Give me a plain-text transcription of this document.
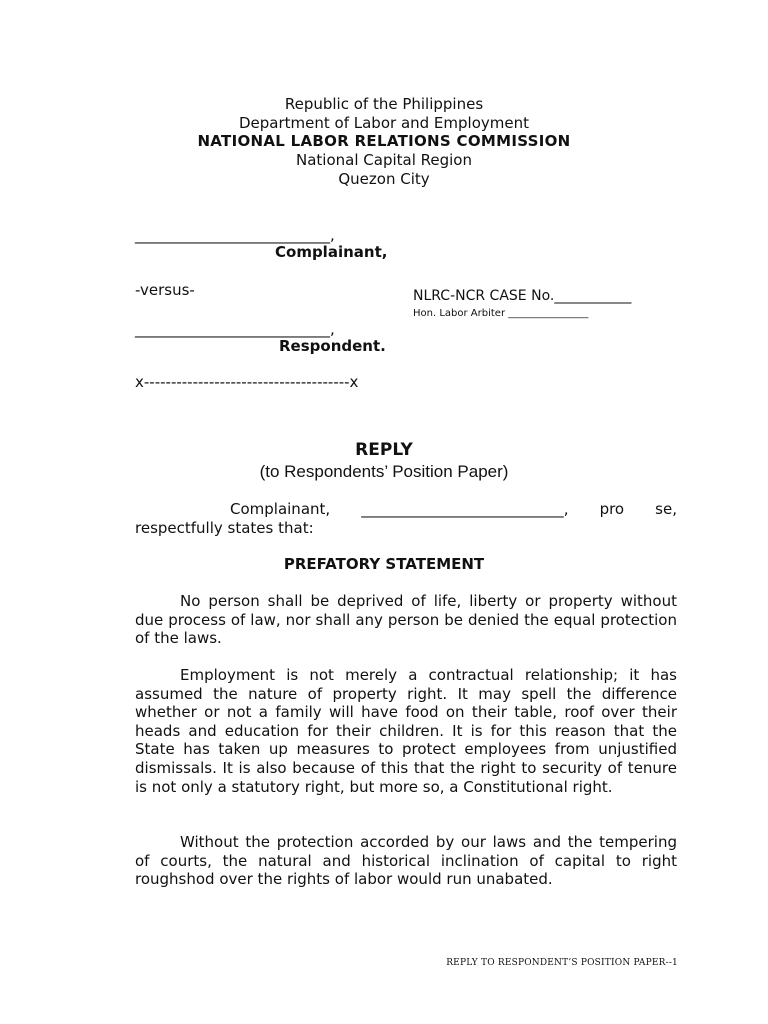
Republic of the Philippines
Department of Labor and Employment
NATIONAL LABOR RELATIONS COMMISSION
National Capital Region
Quezon City
__________________________,
Complainant,
-versus-	NLRC-NCR CASE No.___________
Hon. Labor Arbiter ________________
__________________________,
Respondent.
x--------------------------------------x
REPLY
(to Respondents’ Position Paper)
Complainant, ___________________________, pro se, respectfully states that:
PREFATORY STATEMENT
No person shall be deprived of life, liberty or property without due process of law, nor shall any person be denied the equal protection of the laws.
Employment is not merely a contractual relationship; it has assumed the nature of property right. It may spell the difference whether or not a family will have food on their table, roof over their heads and education for their children. It is for this reason that the State has taken up measures to protect employees from unjustified dismissals. It is also because of this that the right to security of tenure is not only a statutory right, but more so, a Constitutional right.
Without the protection accorded by our laws and the tempering of courts, the natural and historical inclination of capital to right roughshod over the rights of labor would run unabated.
REPLY TO RESPONDENT’S POSITION PAPER--1
